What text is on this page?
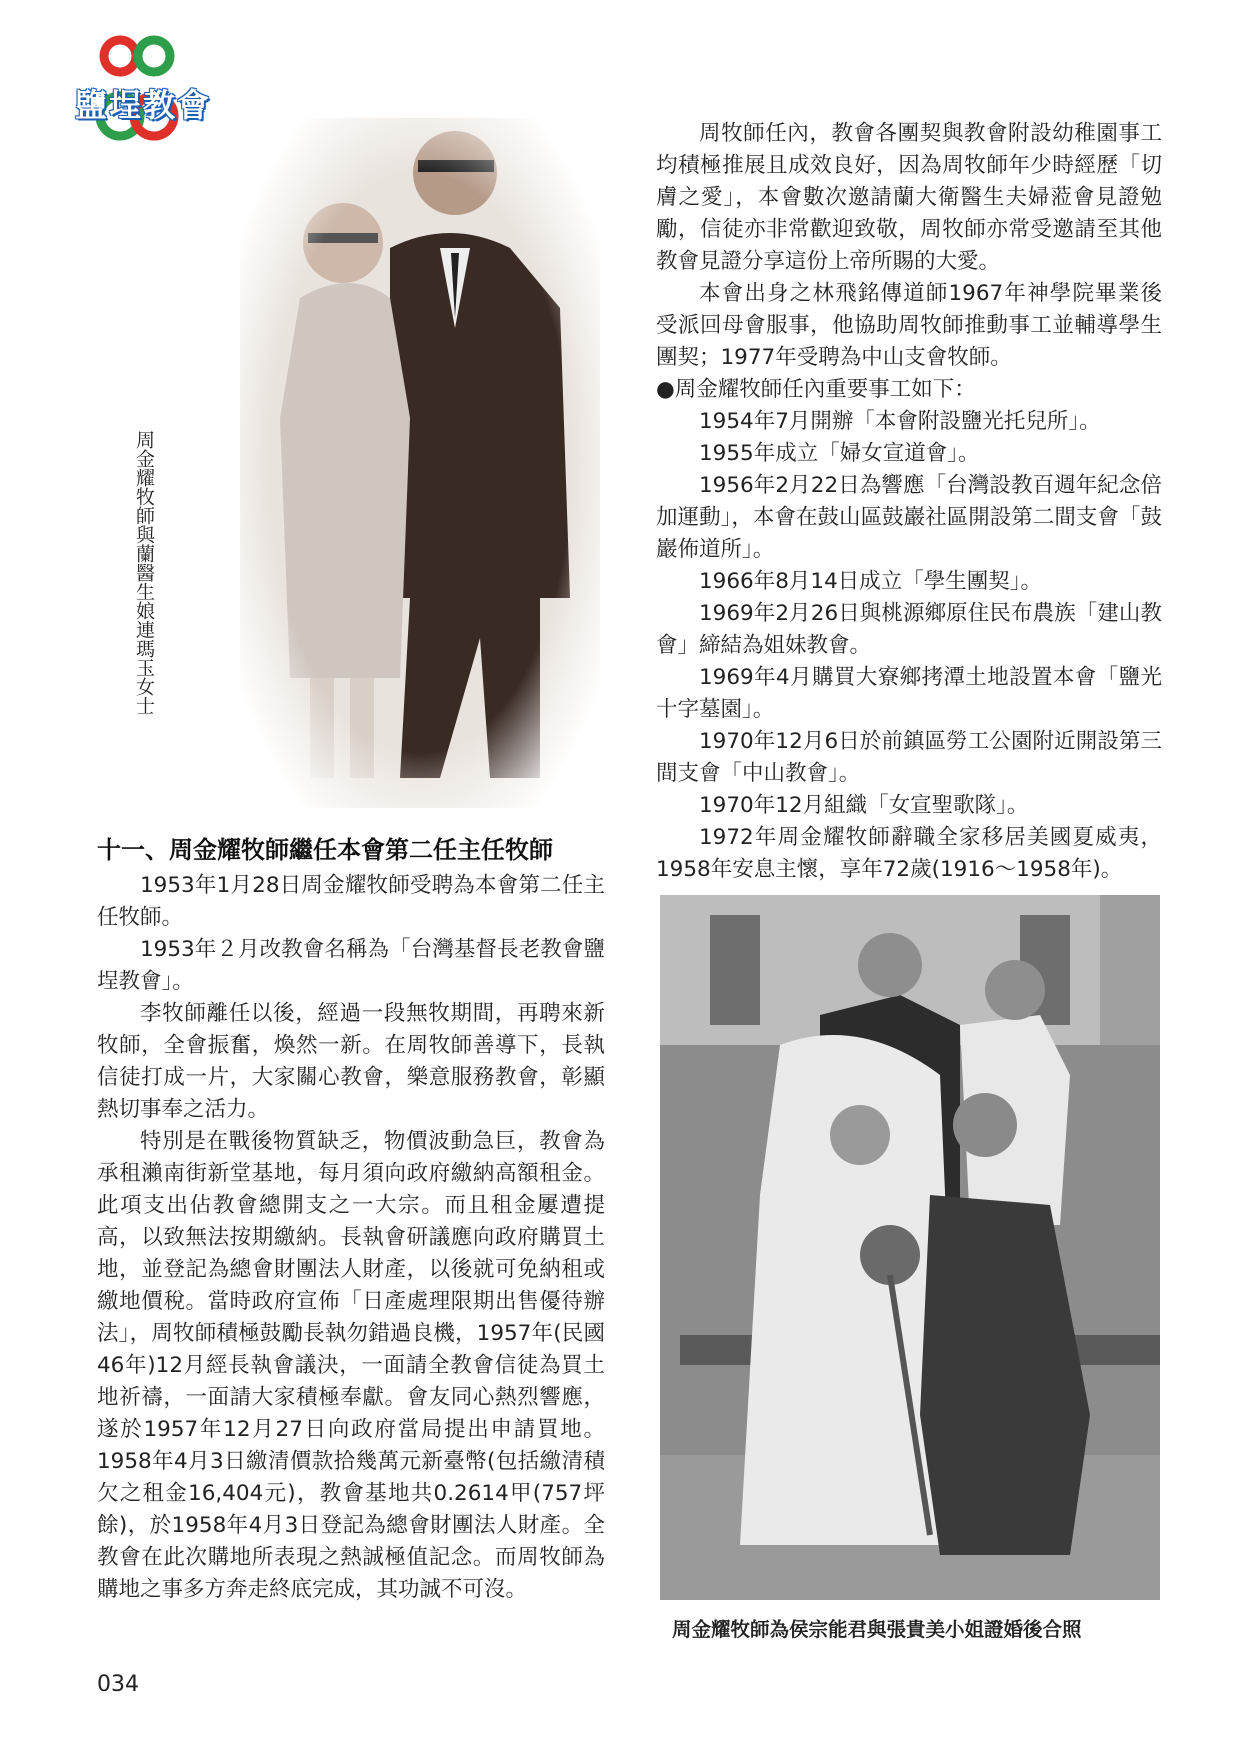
鹽埕教會
周金耀牧師與蘭醫生娘連瑪玉女士
十一、周金耀牧師繼任本會第二任主任牧師

1953年1月28日周金耀牧師受聘為本會第二任主任牧師。

1953年２月改教會名稱為「台灣基督長老教會鹽埕教會」。

李牧師離任以後，經過一段無牧期間，再聘來新牧師，全會振奮，煥然一新。在周牧師善導下，長執信徒打成一片，大家關心教會，樂意服務教會，彰顯熱切事奉之活力。

特別是在戰後物質缺乏，物價波動急巨，教會為承租瀨南街新堂基地，每月須向政府繳納高額租金。此項支出佔教會總開支之一大宗。而且租金屢遭提高，以致無法按期繳納。長執會研議應向政府購買土地，並登記為總會財團法人財產，以後就可免納租或繳地價稅。當時政府宣佈「日產處理限期出售優待辦法」，周牧師積極鼓勵長執勿錯過良機，1957年(民國46年)12月經長執會議決，一面請全教會信徒為買土地祈禱，一面請大家積極奉獻。會友同心熱烈響應，遂於1957年12月27日向政府當局提出申請買地。1958年4月3日繳清價款拾幾萬元新臺幣(包括繳清積欠之租金16,404元)，教會基地共0.2614甲(757坪餘)，於1958年4月3日登記為總會財團法人財產。全教會在此次購地所表現之熱誠極值記念。而周牧師為購地之事多方奔走終底完成，其功誠不可沒。

周牧師任內，教會各團契與教會附設幼稚園事工均積極推展且成效良好，因為周牧師年少時經歷「切膚之愛」，本會數次邀請蘭大衛醫生夫婦蒞會見證勉勵，信徒亦非常歡迎致敬，周牧師亦常受邀請至其他教會見證分享這份上帝所賜的大愛。

本會出身之林飛銘傳道師1967年神學院畢業後受派回母會服事，他協助周牧師推動事工並輔導學生團契；1977年受聘為中山支會牧師。

●周金耀牧師任內重要事工如下：

1954年7月開辦「本會附設鹽光托兒所」。

1955年成立「婦女宣道會」。

1956年2月22日為響應「台灣設教百週年紀念倍加運動」，本會在鼓山區鼓巖社區開設第二間支會「鼓巖佈道所」。

1966年8月14日成立「學生團契」。

1969年2月26日與桃源鄉原住民布農族「建山教會」締結為姐妹教會。

1969年4月購買大寮鄉拷潭土地設置本會「鹽光十字墓園」。

1970年12月6日於前鎮區勞工公園附近開設第三間支會「中山教會」。

1970年12月組織「女宣聖歌隊」。

1972年周金耀牧師辭職全家移居美國夏威夷，1958年安息主懷，享年72歲(1916～1958年)。

周金耀牧師為侯宗能君與張貴美小姐證婚後合照
034
